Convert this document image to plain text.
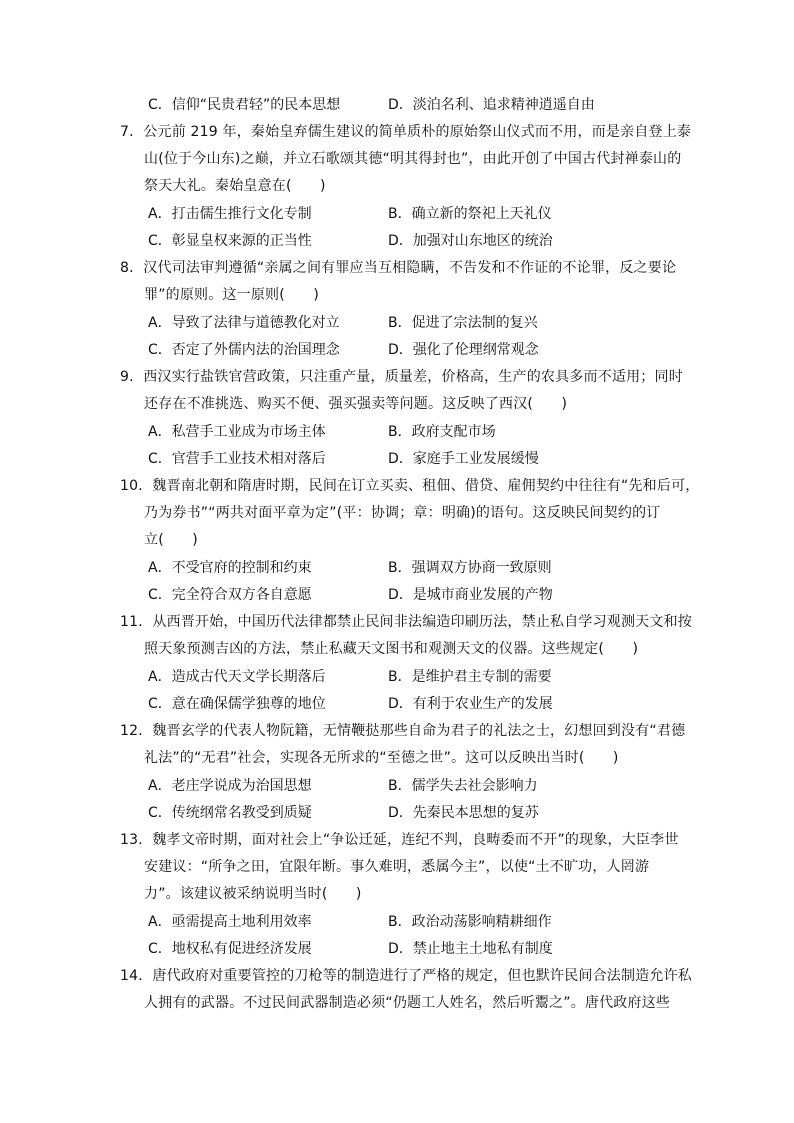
C．信仰“民贵君轻”的民本思想	D．淡泊名利、追求精神逍遥自由
7．公元前 219 年，秦始皇弃儒生建议的简单质朴的原始祭山仪式而不用，而是亲自登上泰
山(位于今山东)之巅，并立石歌颂其德“明其得封也”，由此开创了中国古代封禅泰山的
祭天大礼。秦始皇意在(　　)
A．打击儒生推行文化专制	B．确立新的祭祀上天礼仪
C．彰显皇权来源的正当性	D．加强对山东地区的统治
8．汉代司法审判遵循“亲属之间有罪应当互相隐瞒，不告发和不作证的不论罪，反之要论
罪”的原则。这一原则(　　)
A．导致了法律与道德教化对立	B．促进了宗法制的复兴
C．否定了外儒内法的治国理念	D．强化了伦理纲常观念
9．西汉实行盐铁官营政策，只注重产量，质量差，价格高，生产的农具多而不适用；同时
还存在不准挑选、购买不便、强买强卖等问题。这反映了西汉(　　)
A．私营手工业成为市场主体	B．政府支配市场
C．官营手工业技术相对落后	D．家庭手工业发展缓慢
10．魏晋南北朝和隋唐时期，民间在订立买卖、租佃、借贷、雇佣契约中往往有“先和后可，
乃为券书”“两共对面平章为定”(平：协调；章：明确)的语句。这反映民间契约的订
立(　　)
A．不受官府的控制和约束	B．强调双方协商一致原则
C．完全符合双方各自意愿	D．是城市商业发展的产物
11．从西晋开始，中国历代法律都禁止民间非法编造印刷历法，禁止私自学习观测天文和按
照天象预测吉凶的方法，禁止私藏天文图书和观测天文的仪器。这些规定(　　)
A．造成古代天文学长期落后	B．是维护君主专制的需要
C．意在确保儒学独尊的地位	D．有利于农业生产的发展
12．魏晋玄学的代表人物阮籍，无情鞭挞那些自命为君子的礼法之士，幻想回到没有“君德
礼法”的“无君”社会，实现各无所求的“至德之世”。这可以反映出当时(　　)
A．老庄学说成为治国思想	B．儒学失去社会影响力
C．传统纲常名教受到质疑	D．先秦民本思想的复苏
13．魏孝文帝时期，面对社会上“争讼迁延，连纪不判，良畴委而不开”的现象，大臣李世
安建议：“所争之田，宜限年断。事久难明，悉属今主”，以使“土不旷功，人罔游
力”。该建议被采纳说明当时(　　)
A．亟需提高土地利用效率	B．政治动荡影响精耕细作
C．地权私有促进经济发展	D．禁止地主土地私有制度
14．唐代政府对重要管控的刀枪等的制造进行了严格的规定，但也默许民间合法制造允许私
人拥有的武器。不过民间武器制造必须“仍题工人姓名，然后听鬻之”。唐代政府这些
